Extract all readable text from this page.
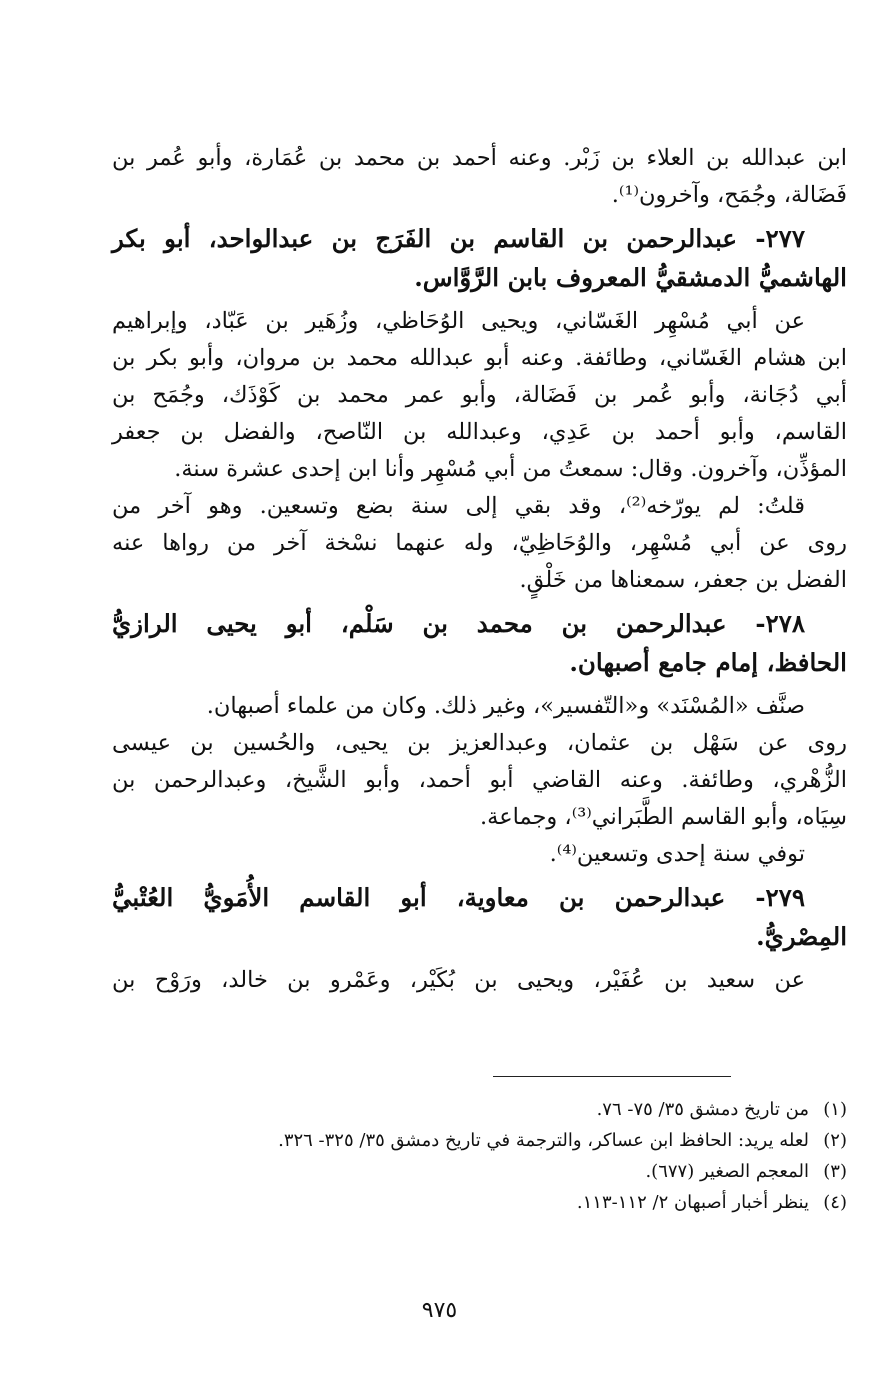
ابن عبدالله بن العلاء بن زَبْر. وعنه أحمد بن محمد بن عُمَارة، وأبو عُمر بن
فَضَالة، وجُمَح، وآخرون⁽¹⁾.
٢٧٧- عبدالرحمن بن القاسم بن الفَرَج بن عبدالواحد، أبو بكر
الهاشميُّ الدمشقيُّ المعروف بابن الرَّوَّاس.
عن أبي مُسْهِر الغَسّاني، ويحيى الوُحَاظي، وزُهَير بن عَبّاد، وإبراهيم
ابن هشام الغَسّاني، وطائفة. وعنه أبو عبدالله محمد بن مروان، وأبو بكر بن
أبي دُجَانة، وأبو عُمر بن فَضَالة، وأبو عمر محمد بن كَوْذَك، وجُمَح بن
القاسم، وأبو أحمد بن عَدِي، وعبدالله بن النّاصح، والفضل بن جعفر
المؤذِّن، وآخرون. وقال: سمعتُ من أبي مُسْهِر وأنا ابن إحدى عشرة سنة.
قلتُ: لم يورّخه⁽²⁾، وقد بقي إلى سنة بضع وتسعين. وهو آخر من
روى عن أبي مُسْهِر، والوُحَاظِيّ، وله عنهما نسْخة آخر من رواها عنه
الفضل بن جعفر، سمعناها من خَلْقٍ.
٢٧٨- عبدالرحمن بن محمد بن سَلْم، أبو يحيى الرازيُّ
الحافظ، إمام جامع أصبهان.
صنَّف «المُسْنَد» و«التّفسير»، وغير ذلك. وكان من علماء أصبهان.
روى عن سَهْل بن عثمان، وعبدالعزيز بن يحيى، والحُسين بن عيسى
الزُّهْري، وطائفة. وعنه القاضي أبو أحمد، وأبو الشَّيخ، وعبدالرحمن بن
سِيَاه، وأبو القاسم الطَّبَراني⁽³⁾، وجماعة.
توفي سنة إحدى وتسعين⁽⁴⁾.
٢٧٩- عبدالرحمن بن معاوية، أبو القاسم الأُمَويُّ العُتْبيُّ
المِصْريُّ.
عن سعيد بن عُفَيْر، ويحيى بن بُكَيْر، وعَمْرو بن خالد، ورَوْح بن
(١)من تاريخ دمشق ٣٥/ ٧٥- ٧٦.
(٢)لعله يريد: الحافظ ابن عساكر، والترجمة في تاريخ دمشق ٣٥/ ٣٢٥- ٣٢٦.
(٣)المعجم الصغير (٦٧٧).
(٤)ينظر أخبار أصبهان ٢/ ١١٢-١١٣.
٩٧٥
